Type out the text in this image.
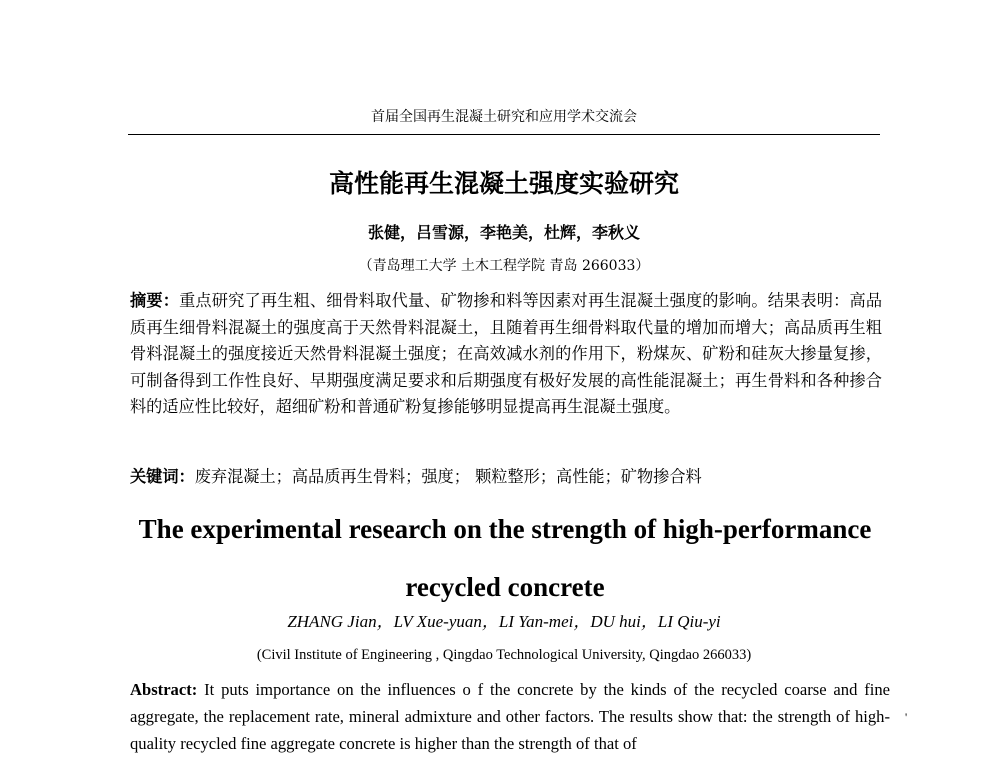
首届全国再生混凝土研究和应用学术交流会
高性能再生混凝土强度实验研究
张健，吕雪源，李艳美，杜辉，李秋义
（青岛理工大学 土木工程学院 青岛 266033）
摘要：重点研究了再生粗、细骨料取代量、矿物掺和料等因素对再生混凝土强度的影响。结果表明：高品质再生细骨料混凝土的强度高于天然骨料混凝土，且随着再生细骨料取代量的增加而增大；高品质再生粗骨料混凝土的强度接近天然骨料混凝土强度；在高效减水剂的作用下，粉煤灰、矿粉和硅灰大掺量复掺，可制备得到工作性良好、早期强度满足要求和后期强度有极好发展的高性能混凝土；再生骨料和各种掺合料的适应性比较好，超细矿粉和普通矿粉复掺能够明显提高再生混凝土强度。
关键词：废弃混凝土；高品质再生骨料；强度； 颗粒整形；高性能；矿物掺合料
The experimental research on the strength of high-performance recycled concrete
ZHANG Jian，LV Xue-yuan，LI Yan-mei，DU hui，LI Qiu-yi
(Civil Institute of Engineering , Qingdao Technological University, Qingdao 266033)
Abstract: It puts importance on the influences o f the concrete by the kinds of the recycled coarse and fine aggregate, the replacement rate, mineral admixture and other factors. The results show that: the strength of high-quality recycled fine aggregate concrete is higher than the strength of that of
'
